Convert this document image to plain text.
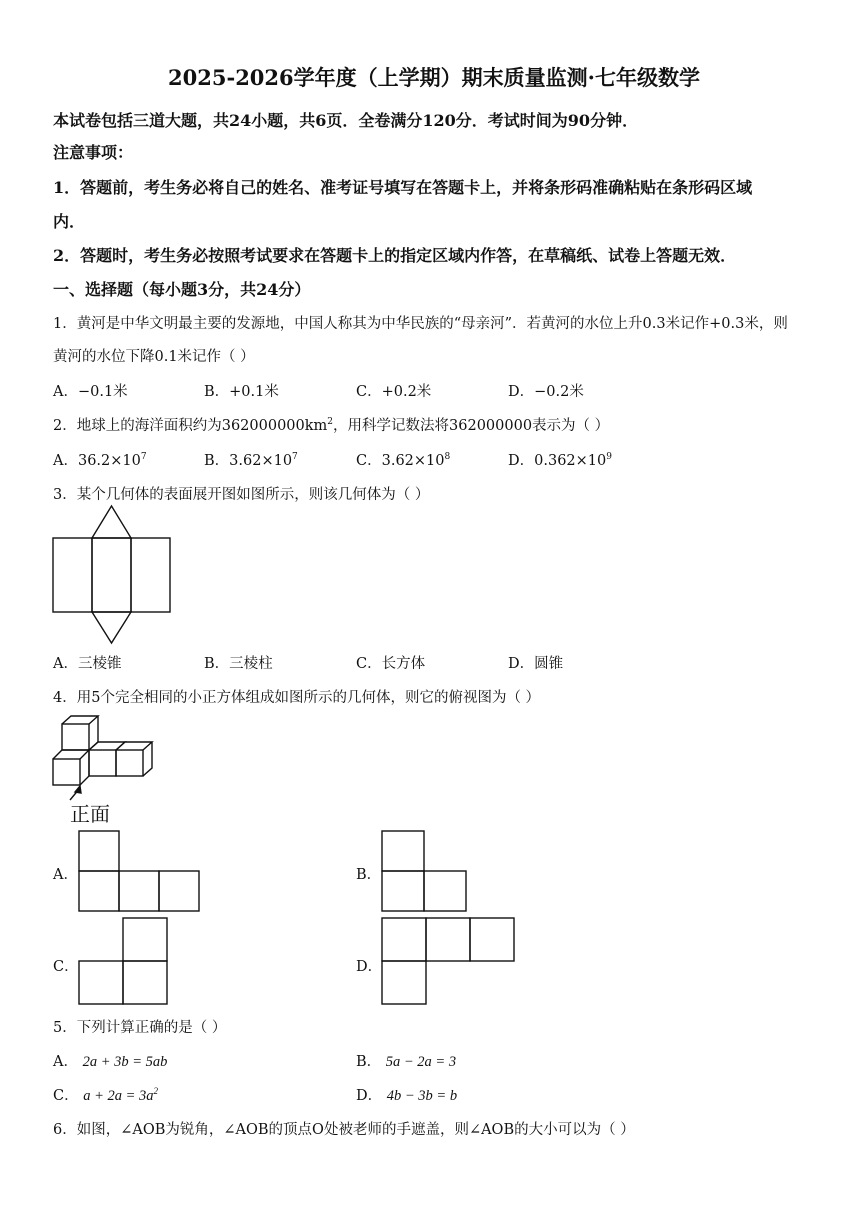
2025-2026学年度（上学期）期末质量监测·七年级数学
本试卷包括三道大题，共24小题，共6页．全卷满分120分．考试时间为90分钟．
注意事项：
1．答题前，考生务必将自己的姓名、准考证号填写在答题卡上，并将条形码准确粘贴在条形码区域
内．
2．答题时，考生务必按照考试要求在答题卡上的指定区域内作答，在草稿纸、试卷上答题无效．
一、选择题（每小题3分，共24分）
1．黄河是中华文明最主要的发源地，中国人称其为中华民族的“母亲河”．若黄河的水位上升0.3米记作+0.3米，则
黄河的水位下降0.1米记作（ ）
A．−0.1米	B．+0.1米	C．+0.2米	D．−0.2米
2．地球上的海洋面积约为$362000000km^2$，用科学记数法将362000000表示为（ ）
A．$36.2\times 10^7$	B．$3.62\times 10^7$	C．$3.62\times 10^8$	D．$0.362\times 10^9$
3．某个几何体的表面展开图如图所示，则该几何体为（ ）
A．三棱锥	B．三棱柱	C．长方体	D．圆锥
4．用5个完全相同的小正方体组成如图所示的几何体，则它的俯视图为（ ）
正面
A．	B．
C．	D．
5．下列计算正确的是（ ）
A． 2a + 3b = 5ab	B． 5a − 2a = 3
C． $a + 2a = 3a^2$	D． 4b − 3b = b
6．如图，∠AOB为锐角，∠AOB的顶点O处被老师的手遮盖，则∠AOB的大小可以为（ ）
